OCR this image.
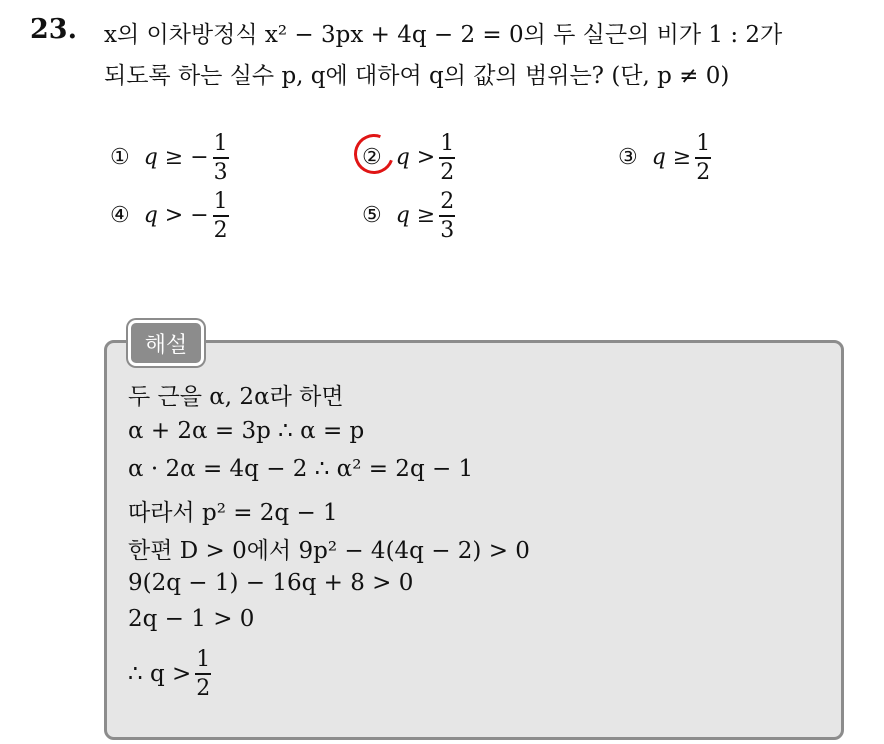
23. x의 이차방정식 x² − 3px + 4q − 2 = 0의 두 실근의 비가 1 : 2가
되도록 하는 실수 p, q에 대하여 q의 값의 범위는? (단, p ≠ 0)
① q ≥ − $\frac{1}{3}$	② $q > \frac{1}{2}$	③ $q \ge \frac{1}{2}$
④ q > − $\frac{1}{2}$	⑤ $q \ge \frac{2}{3}$
해설
두 근을 α, 2α라 하면
α + 2α = 3p ∴ α = p
α · 2α = 4q − 2 ∴ α² = 2q − 1
따라서 p² = 2q − 1
한편 D > 0에서 9p² − 4(4q − 2) > 0
9(2q − 1) − 16q + 8 > 0
2q − 1 > 0
∴ $q > \frac{1}{2}$
